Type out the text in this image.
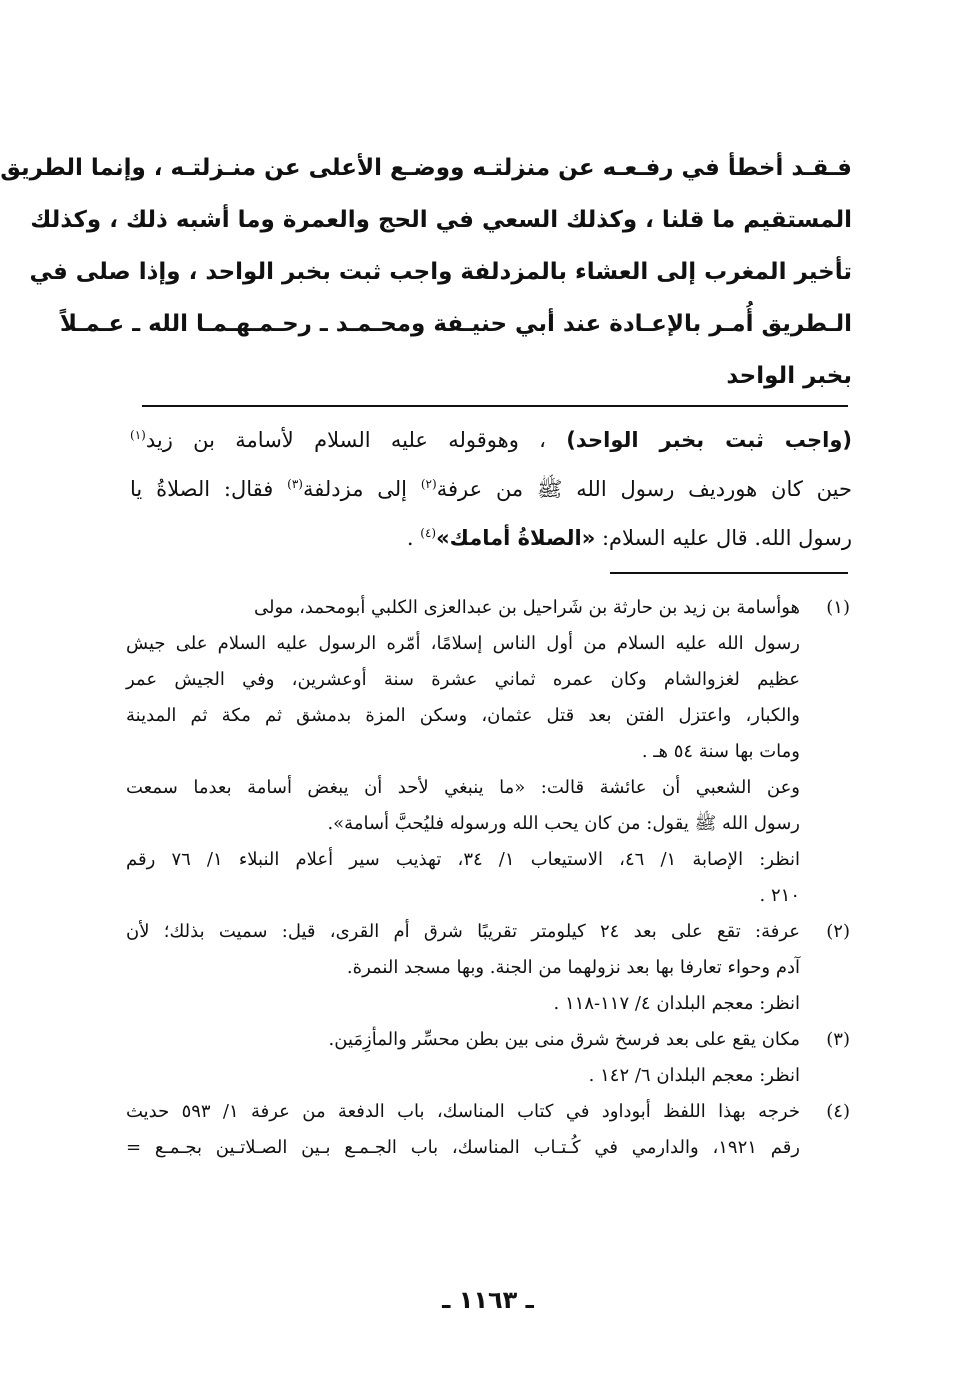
فـقـد أخطأ في رفـعـه عن منزلتـه ووضـع الأعلى عن منـزلتـه ، وإنما الطريق
المستقيم ما قلنا ، وكذلك السعي في الحج والعمرة وما أشبه ذلك ، وكذلك
تأخير المغرب إلى العشاء بالمزدلفة واجب ثبت بخبر الواحد ، وإذا صلى في
الـطريق أُمـر بالإعـادة عند أبي حنيـفة ومحـمـد ـ رحـمـهـمـا الله ـ عـمـلاً
بخبر الواحد
(واجب ثبت بخبر الواحد) ، وهوقوله عليه السلام لأسامة بن زيد$^{(١)}$
حين كان هورديف رسول الله ﷺ من عرفة$^{(٢)}$ إلى مزدلفة$^{(٣)}$ فقال: الصلاةُ يا
رسول الله. قال عليه السلام: «الصلاةُ أمامك»$^{(٤)}$ .
(١)
هوأسامة بن زيد بن حارثة بن شَراحيل بن عبدالعزى الكلبي أبومحمد، مولى
رسول الله عليه السلام من أول الناس إسلامًا، أمّره الرسول عليه السلام على جيش
عظيم لغزوالشام وكان عمره ثماني عشرة سنة أوعشرين، وفي الجيش عمر
والكبار، واعتزل الفتن بعد قتل عثمان، وسكن المزة بدمشق ثم مكة ثم المدينة
ومات بها سنة ٥٤ هـ .
وعن الشعبي أن عائشة قالت: «ما ينبغي لأحد أن يبغض أسامة بعدما سمعت
رسول الله ﷺ يقول: من كان يحب الله ورسوله فليُحبَّ أسامة».
انظر: الإصابة ١/ ٤٦، الاستيعاب ١/ ٣٤، تهذيب سير أعلام النبلاء ١/ ٧٦ رقم
٢١٠ .
(٢)
عرفة: تقع على بعد ٢٤ كيلومتر تقريبًا شرق أم القرى، قيل: سميت بذلك؛ لأن
آدم وحواء تعارفا بها بعد نزولهما من الجنة. وبها مسجد النمرة.
انظر: معجم البلدان ٤/ ١١٧-١١٨ .
(٣)
مكان يقع على بعد فرسخ شرق منى بين بطن محسِّر والمأزِمَين.
انظر: معجم البلدان ٦/ ١٤٢ .
(٤)
خرجه بهذا اللفظ أبوداود في كتاب المناسك، باب الدفعة من عرفة ١/ ٥٩٣ حديث
رقم ١٩٢١، والدارمي في كُـتـاب المناسك، باب الجـمـع بـين الصـلاتـين بجـمـع =
ـ ١١٦٣ ـ
